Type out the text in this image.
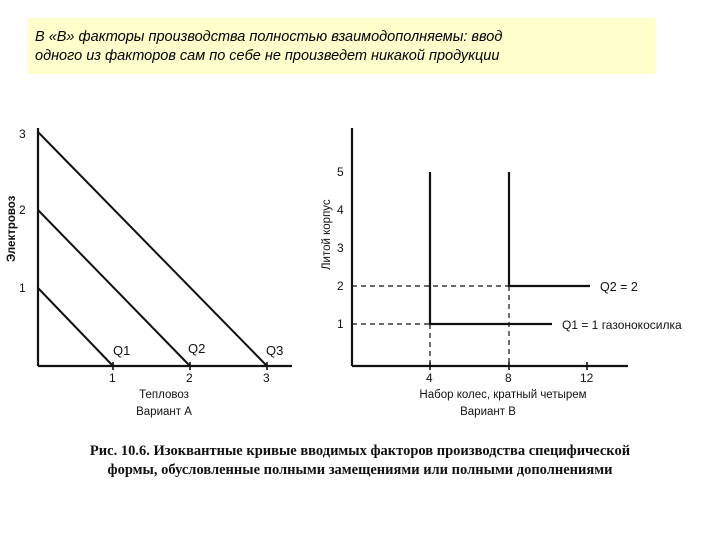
В «В» факторы производства полностью взаимодополняемы: ввод
одного из факторов сам по себе не произведет никакой продукции
3
2
1
1	2	3
Q1	Q2	Q3
Электровоз
Тепловоз
Вариант А
5
4
3
2
1
4	8	12
Q2 = 2
Q1 = 1 газонокосилка
Литой корпус
Набор колес, кратный четырем
Вариант В
Рис. 10.6. Изоквантные кривые вводимых факторов производства специфической
формы, обусловленные полными замещениями или полными дополнениями
